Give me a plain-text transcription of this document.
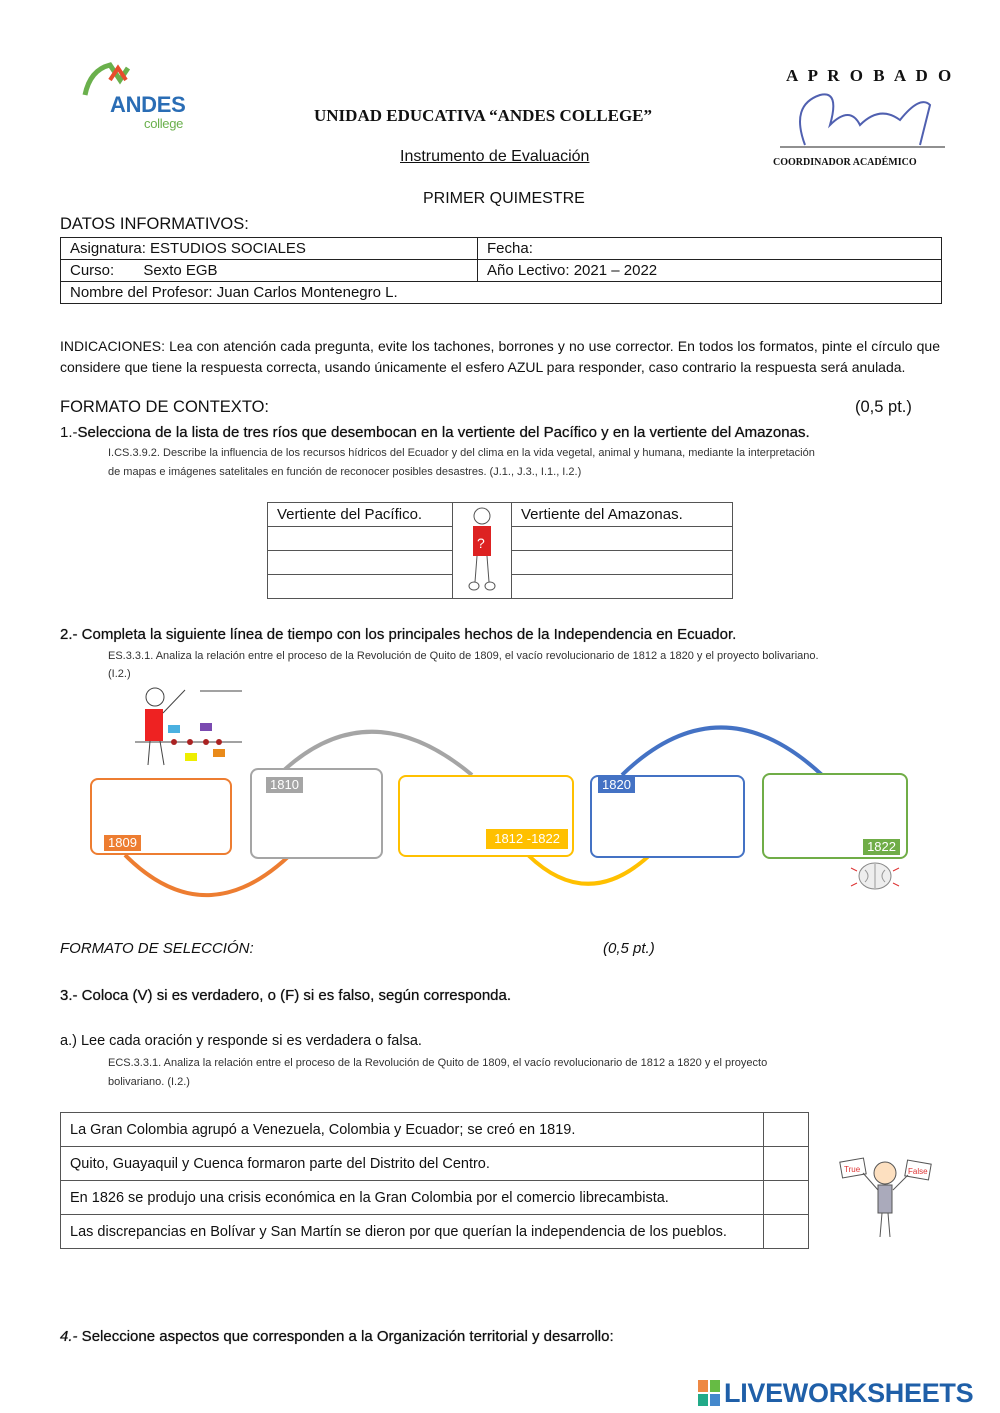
ANDES
college	UNIDAD EDUCATIVA “ANDES COLLEGE”
Instrumento de Evaluación
PRIMER QUIMESTRE
A P R O B A D O
COORDINADOR ACADÉMICO
DATOS INFORMATIVOS:
Asignatura: ESTUDIOS SOCIALES	Fecha:
Curso:       Sexto EGB	Año Lectivo: 2021 – 2022
Nombre del Profesor: Juan Carlos Montenegro L.	
INDICACIONES: Lea con atención cada pregunta, evite los tachones, borrones y no use corrector. En todos los formatos, pinte el círculo que considere que tiene la respuesta correcta, usando únicamente el esfero AZUL para responder, caso contrario la respuesta será anulada.
FORMATO DE CONTEXTO:	(0,5 pt.)
1.-Selecciona de la lista de tres ríos que desembocan en la vertiente del Pacífico y en la vertiente del Amazonas.
I.CS.3.9.2. Describe la influencia de los recursos hídricos del Ecuador y del clima en la vida vegetal, animal y humana, mediante la interpretación
de mapas e imágenes satelitales en función de reconocer posibles desastres. (J.1., J.3., I.1., I.2.)
Vertiente del Pacífico.	?	Vertiente del Amazonas.

2.- Completa la siguiente línea de tiempo con los principales hechos de la Independencia en Ecuador.
ES.3.3.1. Analiza la relación entre el proceso de la Revolución de Quito de 1809, el vacío revolucionario de 1812 a 1820 y el proyecto bolivariano.
(I.2.)
1809
1810
1812 -1822
1820
1822
FORMATO DE SELECCIÓN:	(0,5 pt.)
3.- Coloca (V) si es verdadero, o (F) si es falso, según corresponda.
a.) Lee cada oración y responde si es verdadera o falsa.
ECS.3.3.1. Analiza la relación entre el proceso de la Revolución de Quito de 1809, el vacío revolucionario de 1812 a 1820 y el proyecto
bolivariano. (I.2.)
La Gran Colombia agrupó a Venezuela, Colombia y Ecuador; se creó en 1819.	
Quito, Guayaquil y Cuenca formaron parte del Distrito del Centro.	
En 1826 se produjo una crisis económica en la Gran Colombia por el comercio librecambista.	
Las discrepancias en Bolívar y San Martín se dieron por que querían la independencia de los pueblos.	
True	False
4.- Seleccione aspectos que corresponden a la Organización territorial y desarrollo:
LIVEWORKSHEETS
